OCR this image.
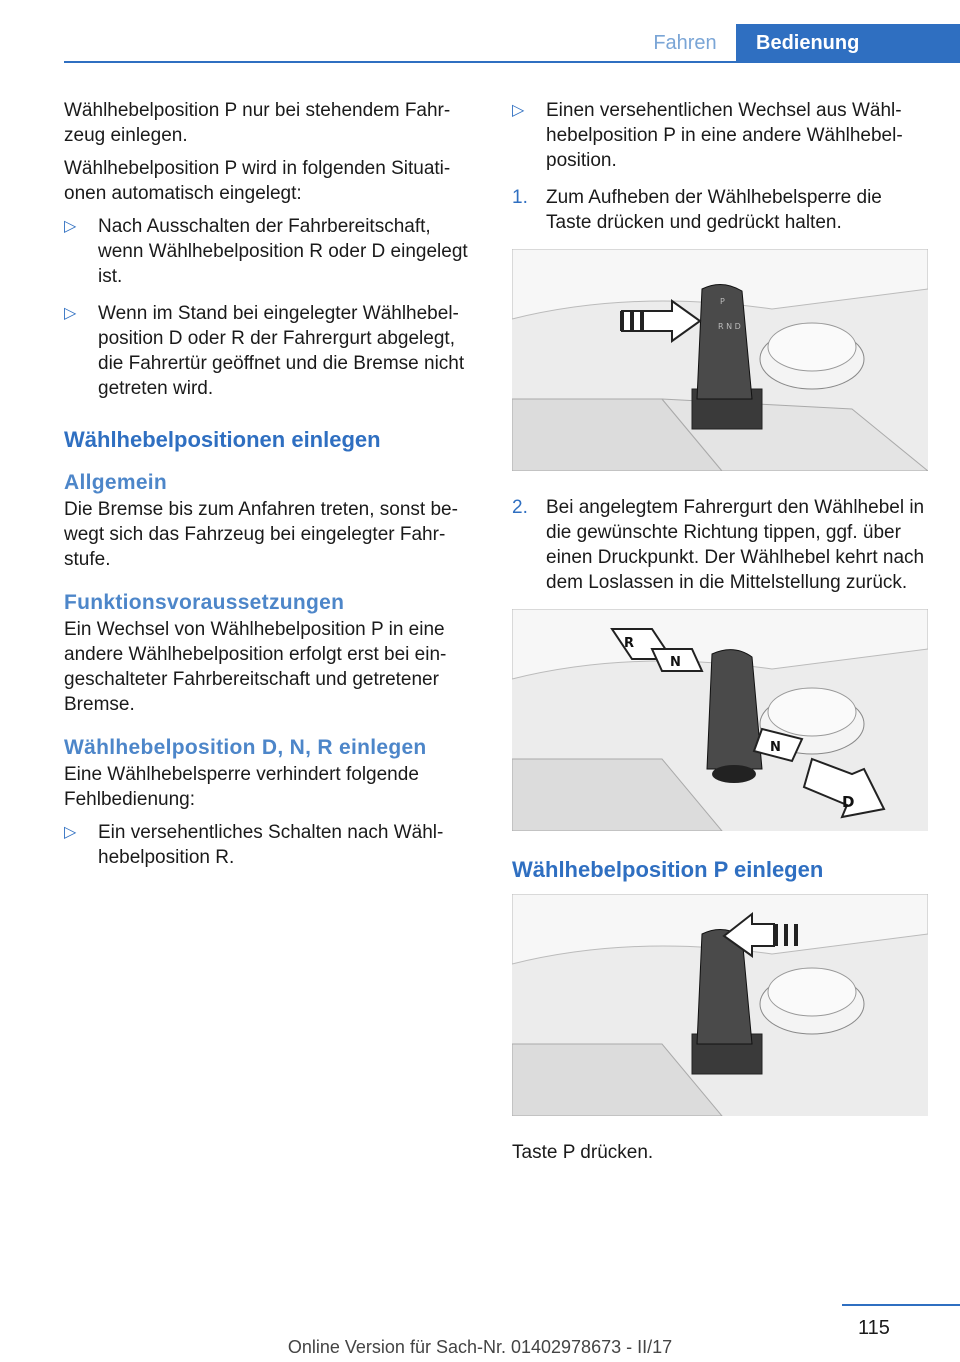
Fahren	Bedienung

Wählhebelposition P nur bei stehendem Fahrzeug einlegen.

Wählhebelposition P wird in folgenden Situationen automatisch eingelegt:

▷ Nach Ausschalten der Fahrbereitschaft, wenn Wählhebelposition R oder D eingelegt ist.
▷ Wenn im Stand bei eingelegter Wählhebelposition D oder R der Fahrergurt abgelegt, die Fahrertür geöffnet und die Bremse nicht getreten wird.
Wählhebelpositionen einlegen
Allgemein

Die Bremse bis zum Anfahren treten, sonst bewegt sich das Fahrzeug bei eingelegter Fahrstufe.

Funktionsvoraussetzungen

Ein Wechsel von Wählhebelposition P in eine andere Wählhebelposition erfolgt erst bei eingeschalteter Fahrbereitschaft und getretener Bremse.

Wählhebelposition D, N, R einlegen

Eine Wählhebelsperre verhindert folgende Fehlbedienung:

▷ Ein versehentliches Schalten nach Wählhebelposition R.
▷ Einen versehentlichen Wechsel aus Wählhebelposition P in eine andere Wählhebelposition.
1. Zum Aufheben der Wählhebelsperre die Taste drücken und gedrückt halten.
P
R N D
2. Bei angelegtem Fahrergurt den Wählhebel in die gewünschte Richtung tippen, ggf. über einen Druckpunkt. Der Wählhebel kehrt nach dem Loslassen in die Mittelstellung zurück.
R
N
N
D
Wählhebelposition P einlegen

Taste P drücken.

115
Online Version für Sach-Nr. 01402978673 - II/17
